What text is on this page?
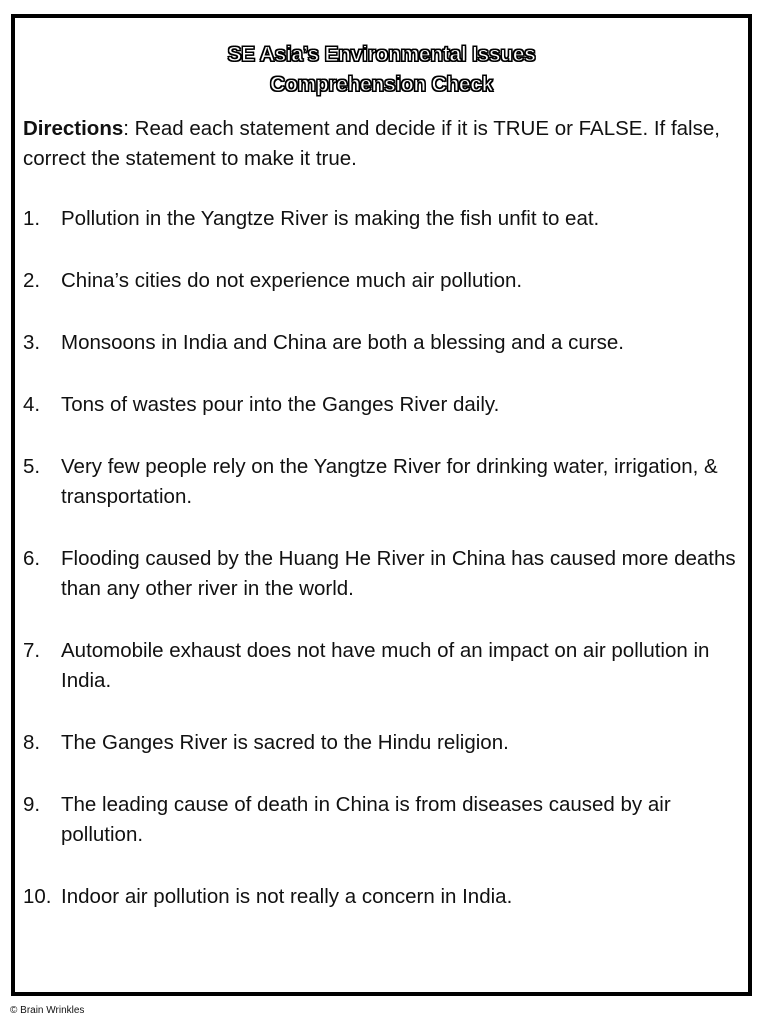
SE Asia’s Environmental Issues
Comprehension Check

Directions: Read each statement and decide if it is TRUE or FALSE. If false, correct the statement to make it true.

1. Pollution in the Yangtze River is making the fish unfit to eat.
2. China’s cities do not experience much air pollution.
3. Monsoons in India and China are both a blessing and a curse.
4. Tons of wastes pour into the Ganges River daily.
5. Very few people rely on the Yangtze River for drinking water, irrigation, & transportation.
6. Flooding caused by the Huang He River in China has caused more deaths than any other river in the world.
7. Automobile exhaust does not have much of an impact on air pollution in India.
8. The Ganges River is sacred to the Hindu religion.
9. The leading cause of death in China is from diseases caused by air pollution.
10. Indoor air pollution is not really a concern in India.
© Brain Wrinkles
